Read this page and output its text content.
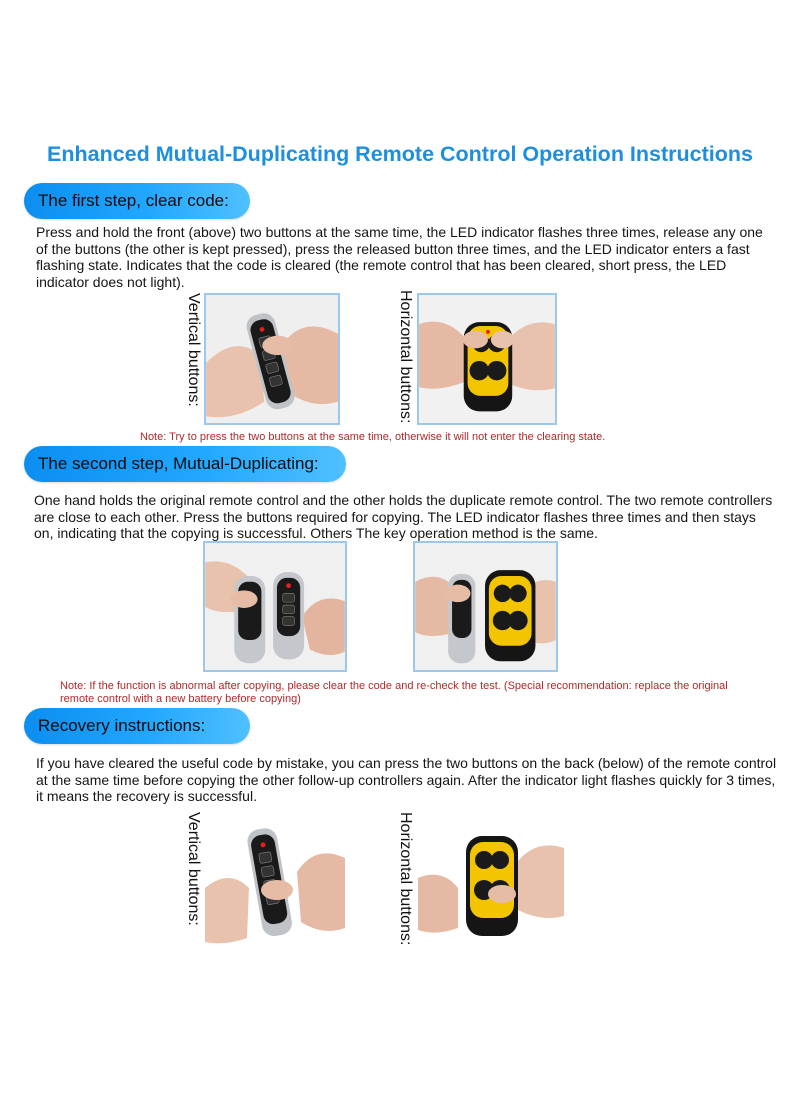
Enhanced Mutual-Duplicating Remote Control Operation Instructions
The first step, clear code:
Press and hold the front (above) two buttons at the same time, the LED indicator flashes three times, release any one of the buttons (the other is kept pressed), press the released button three times, and the LED indicator enters a fast flashing state. Indicates that the code is cleared (the remote control that has been cleared, short press, the LED indicator does not light).
Vertical buttons:	Horizontal buttons:
Note: Try to press the two buttons at the same time, otherwise it will not enter the clearing state.
The second step, Mutual-Duplicating:
One hand holds the original remote control and the other holds the duplicate remote control. The two remote controllers are close to each other. Press the buttons required for copying. The LED indicator flashes three times and then stays on, indicating that the copying is successful. Others The key operation method is the same.
Note: If the function is abnormal after copying, please clear the code and re-check the test. (Special recommendation: replace the original remote control with a new battery before copying)
Recovery instructions:
If you have cleared the useful code by mistake, you can press the two buttons on the back (below) of the remote control at the same time before copying the other follow-up controllers again. After the indicator light flashes quickly for 3 times, it means the recovery is successful.
Vertical buttons:	Horizontal buttons:
